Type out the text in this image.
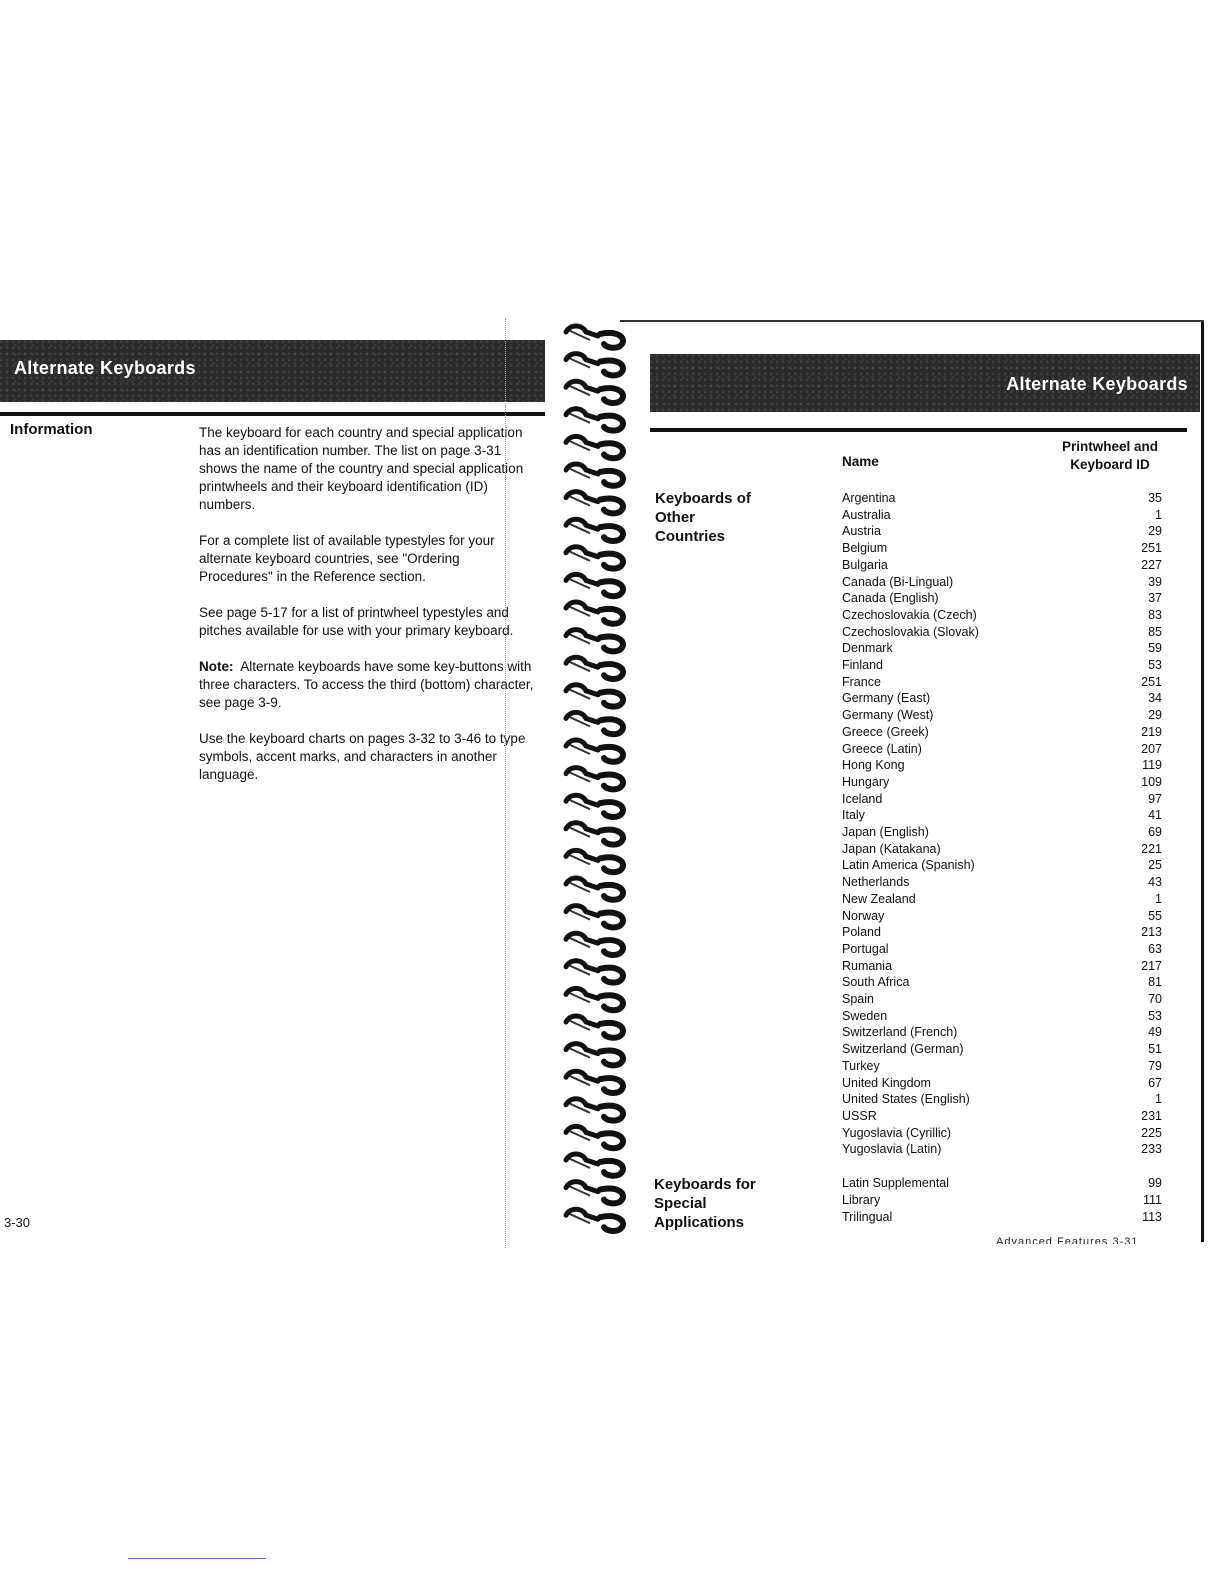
Alternate Keyboards
Information	The keyboard for each country and special application has an identification number. The list on page 3-31 shows the name of the country and special application printwheels and their keyboard identification (ID) numbers.

For a complete list of available typestyles for your alternate keyboard countries, see "Ordering Procedures" in the Reference section.

See page 5-17 for a list of printwheel typestyles and pitches available for use with your primary keyboard.

Note: Alternate keyboards have some key-buttons with three characters. To access the third (bottom) character, see page 3-9.

Use the keyboard charts on pages 3-32 to 3-46 to type symbols, accent marks, and characters in another language.

3-30
Alternate Keyboards
Name
Printwheel and Keyboard ID
Keyboards of Other Countries
Argentina	35
Australia	1
Austria	29
Belgium	251
Bulgaria	227
Canada (Bi-Lingual)	39
Canada (English)	37
Czechoslovakia (Czech)	83
Czechoslovakia (Slovak)	85
Denmark	59
Finland	53
France	251
Germany (East)	34
Germany (West)	29
Greece (Greek)	219
Greece (Latin)	207
Hong Kong	119
Hungary	109
Iceland	97
Italy	41
Japan (English)	69
Japan (Katakana)	221
Latin America (Spanish)	25
Netherlands	43
New Zealand	1
Norway	55
Poland	213
Portugal	63
Rumania	217
South Africa	81
Spain	70
Sweden	53
Switzerland (French)	49
Switzerland (German)	51
Turkey	79
United Kingdom	67
United States (English)	1
USSR	231
Yugoslavia (Cyrillic)	225
Yugoslavia (Latin)	233
Keyboards for Special Applications
Latin Supplemental	99
Library	111
Trilingual	113
Advanced Features 3-31
